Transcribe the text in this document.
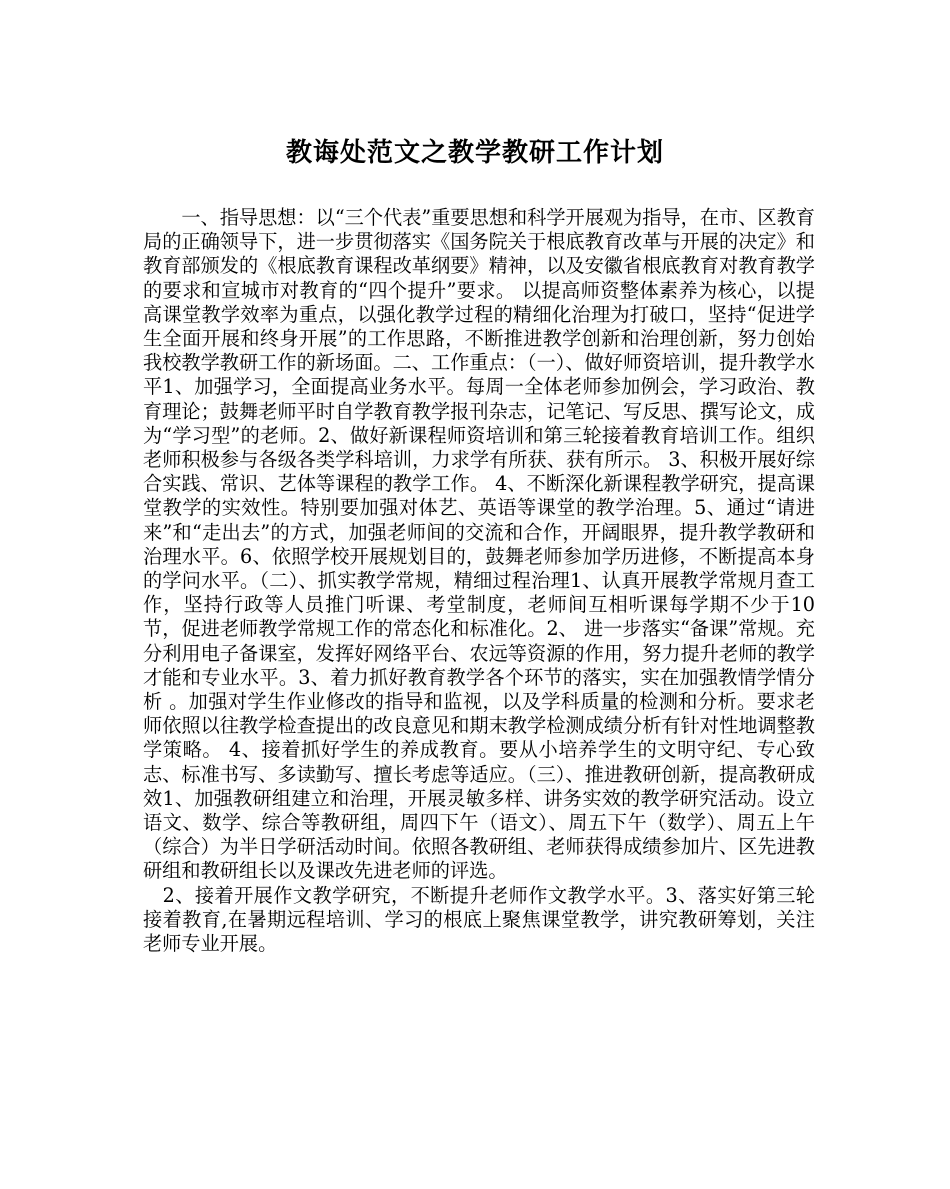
教诲处范文之教学教研工作计划

　　一、指导思想：以“三个代表”重要思想和科学开展观为指导，在市、区教育局的正确领导下，进一步贯彻落实《国务院关于根底教育改革与开展的决定》和教育部颁发的《根底教育课程改革纲要》精神，以及安徽省根底教育对教育教学的要求和宣城市对教育的“四个提升”要求。 以提高师资整体素养为核心，以提高课堂教学效率为重点，以强化教学过程的精细化治理为打破口，坚持“促进学生全面开展和终身开展”的工作思路，不断推进教学创新和治理创新，努力创始我校教学教研工作的新场面。二、工作重点：（一）、做好师资培训，提升教学水平1、加强学习，全面提高业务水平。每周一全体老师参加例会，学习政治、教育理论；鼓舞老师平时自学教育教学报刊杂志，记笔记、写反思、撰写论文，成为“学习型”的老师。2、做好新课程师资培训和第三轮接着教育培训工作。组织老师积极参与各级各类学科培训，力求学有所获、获有所示。 3、积极开展好综合实践、常识、艺体等课程的教学工作。 4、不断深化新课程教学研究，提高课堂教学的实效性。特别要加强对体艺、英语等课堂的教学治理。5、通过“请进来”和“走出去”的方式，加强老师间的交流和合作，开阔眼界，提升教学教研和治理水平。6、依照学校开展规划目的，鼓舞老师参加学历进修，不断提高本身的学问水平。（二）、抓实教学常规，精细过程治理1、认真开展教学常规月查工作，坚持行政等人员推门听课、考堂制度，老师间互相听课每学期不少于10节，促进老师教学常规工作的常态化和标准化。2、 进一步落实“备课”常规。充分利用电子备课室，发挥好网络平台、农远等资源的作用，努力提升老师的教学才能和专业水平。3、着力抓好教育教学各个环节的落实，实在加强教情学情分析 。加强对学生作业修改的指导和监视，以及学科质量的检测和分析。要求老师依照以往教学检查提出的改良意见和期末教学检测成绩分析有针对性地调整教学策略。 4、接着抓好学生的养成教育。要从小培养学生的文明守纪、专心致志、标准书写、多读勤写、擅长考虑等适应。（三）、推进教研创新，提高教研成效1、加强教研组建立和治理，开展灵敏多样、讲务实效的教学研究活动。设立语文、数学、综合等教研组，周四下午（语文）、周五下午（数学）、周五上午（综合）为半日学研活动时间。依照各教研组、老师获得成绩参加片、区先进教研组和教研组长以及课改先进老师的评选。

　2、接着开展作文教学研究，不断提升老师作文教学水平。3、落实好第三轮接着教育,在暑期远程培训、学习的根底上聚焦课堂教学，讲究教研筹划，关注老师专业开展。
